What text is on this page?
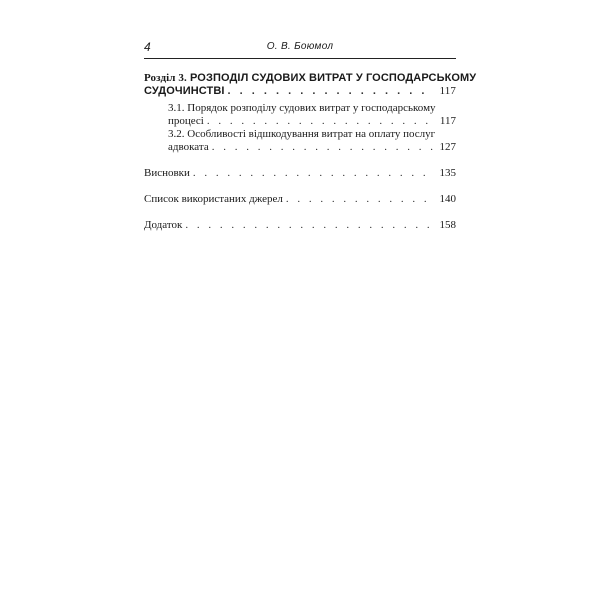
4	О. В. Боюмол
Розділ 3. РОЗПОДІЛ СУДОВИХ ВИТРАТ У ГОСПОДАРСЬКОМУ
СУДОЧИНСТВІ . . .	117
3.1. Порядок розподілу судових витрат у господарському
процесі . . .	117
3.2. Особливості відшкодування витрат на оплату послуг
адвоката . . .	127
Висновки . . .	135
Список використаних джерел . . .	140
Додаток . . .	158
